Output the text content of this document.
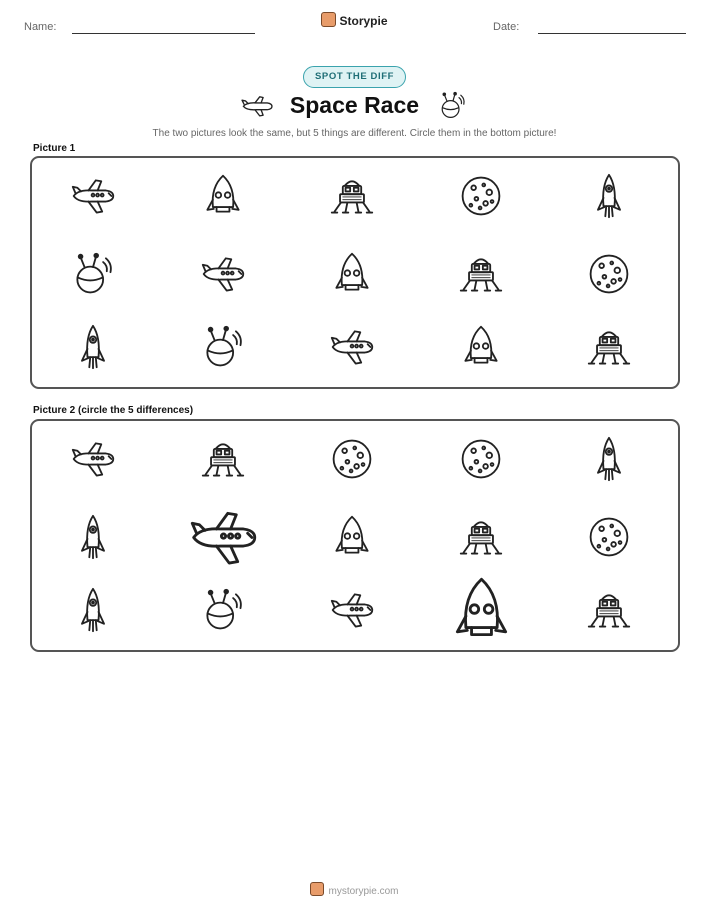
Name:	Storypie	Date:
SPOT THE DIFF
Space Race
The two pictures look the same, but 5 things are different. Circle them in the bottom picture!
Picture 1
Picture 2 (circle the 5 differences)
mystorypie.com
